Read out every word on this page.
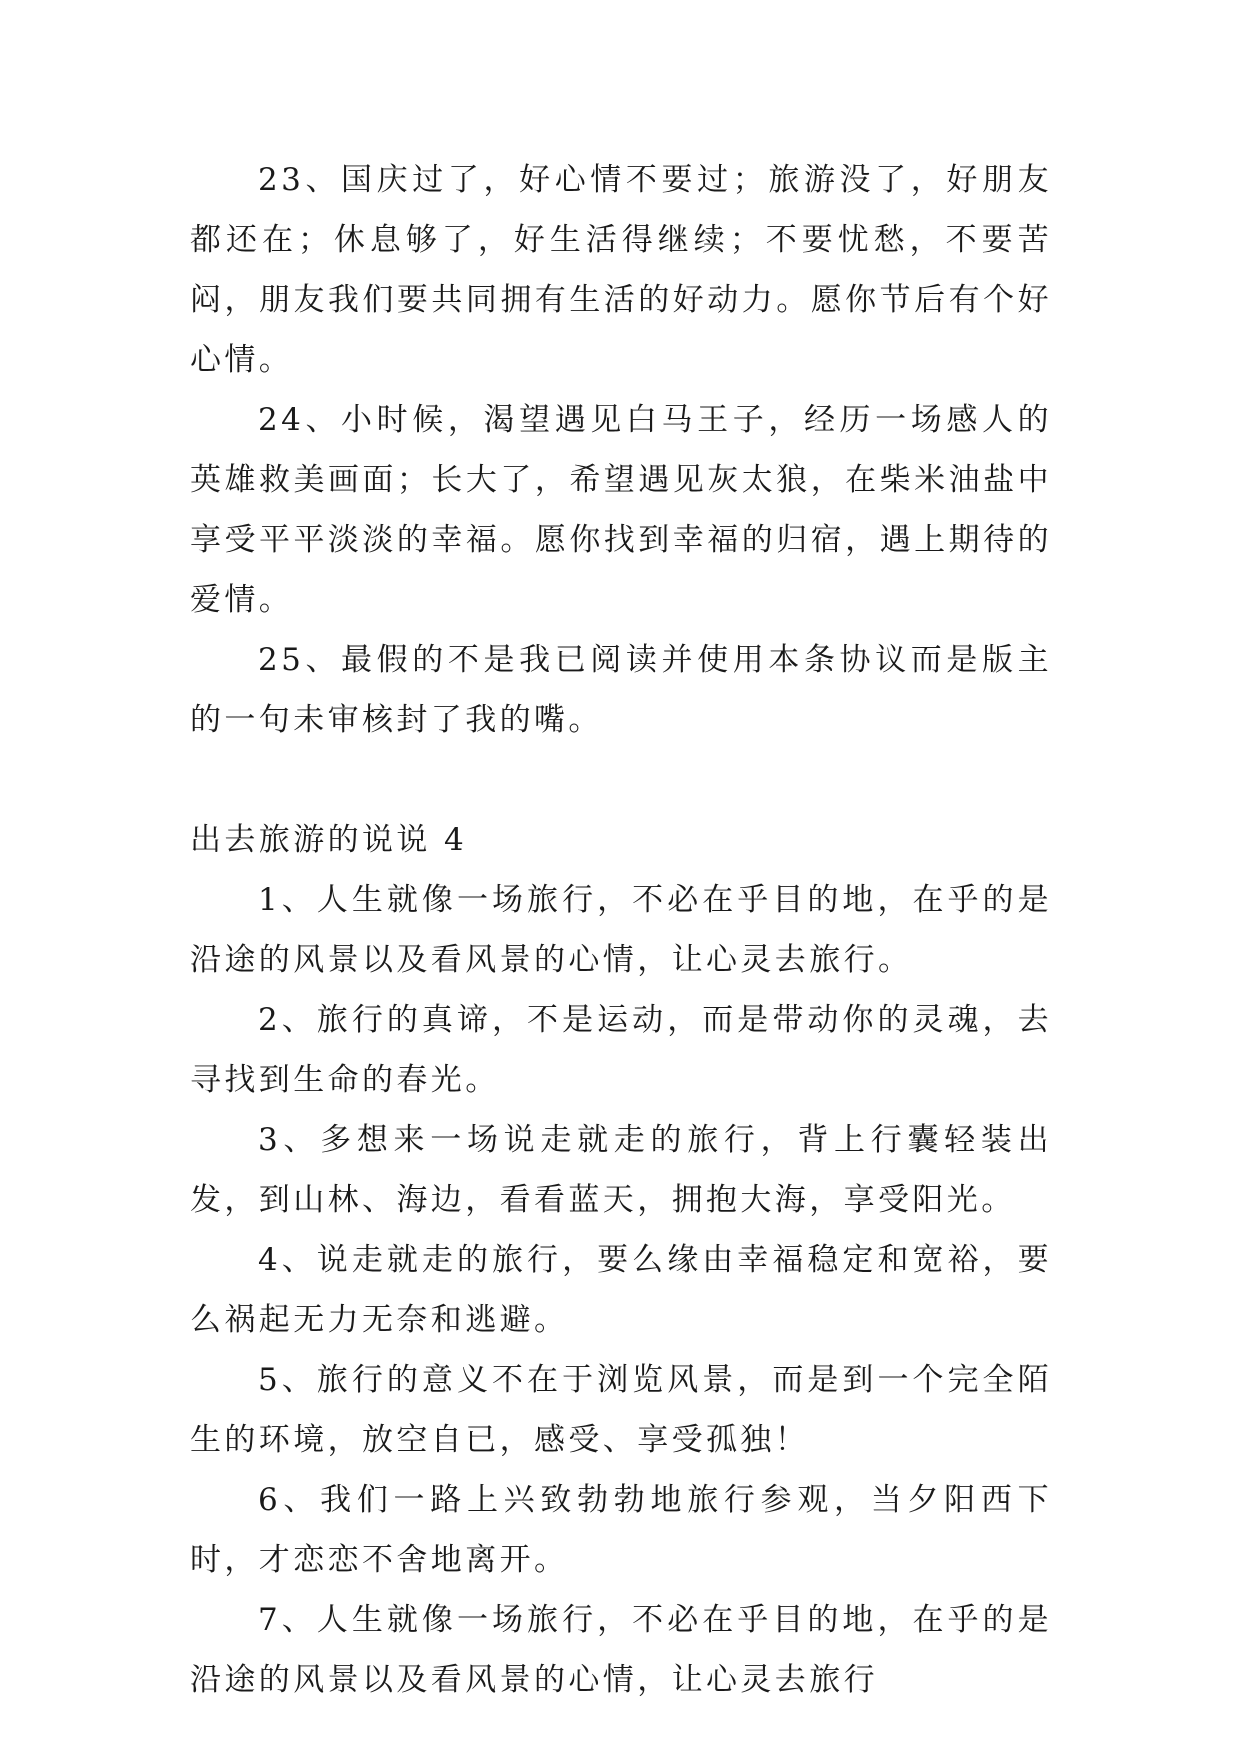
23、国庆过了，好心情不要过；旅游没了，好朋友都还在；休息够了，好生活得继续；不要忧愁，不要苦闷，朋友我们要共同拥有生活的好动力。愿你节后有个好心情。

24、小时候，渴望遇见白马王子，经历一场感人的英雄救美画面；长大了，希望遇见灰太狼，在柴米油盐中享受平平淡淡的幸福。愿你找到幸福的归宿，遇上期待的爱情。

25、最假的不是我已阅读并使用本条协议而是版主的一句未审核封了我的嘴。

出去旅游的说说 4

1、人生就像一场旅行，不必在乎目的地，在乎的是沿途的风景以及看风景的心情，让心灵去旅行。

2、旅行的真谛，不是运动，而是带动你的灵魂，去寻找到生命的春光。

3、多想来一场说走就走的旅行，背上行囊轻装出发，到山林、海边，看看蓝天，拥抱大海，享受阳光。

4、说走就走的旅行，要么缘由幸福稳定和宽裕，要么祸起无力无奈和逃避。

5、旅行的意义不在于浏览风景，而是到一个完全陌生的环境，放空自已，感受、享受孤独！

6、我们一路上兴致勃勃地旅行参观，当夕阳西下时，才恋恋不舍地离开。

7、人生就像一场旅行，不必在乎目的地，在乎的是沿途的风景以及看风景的心情，让心灵去旅行
